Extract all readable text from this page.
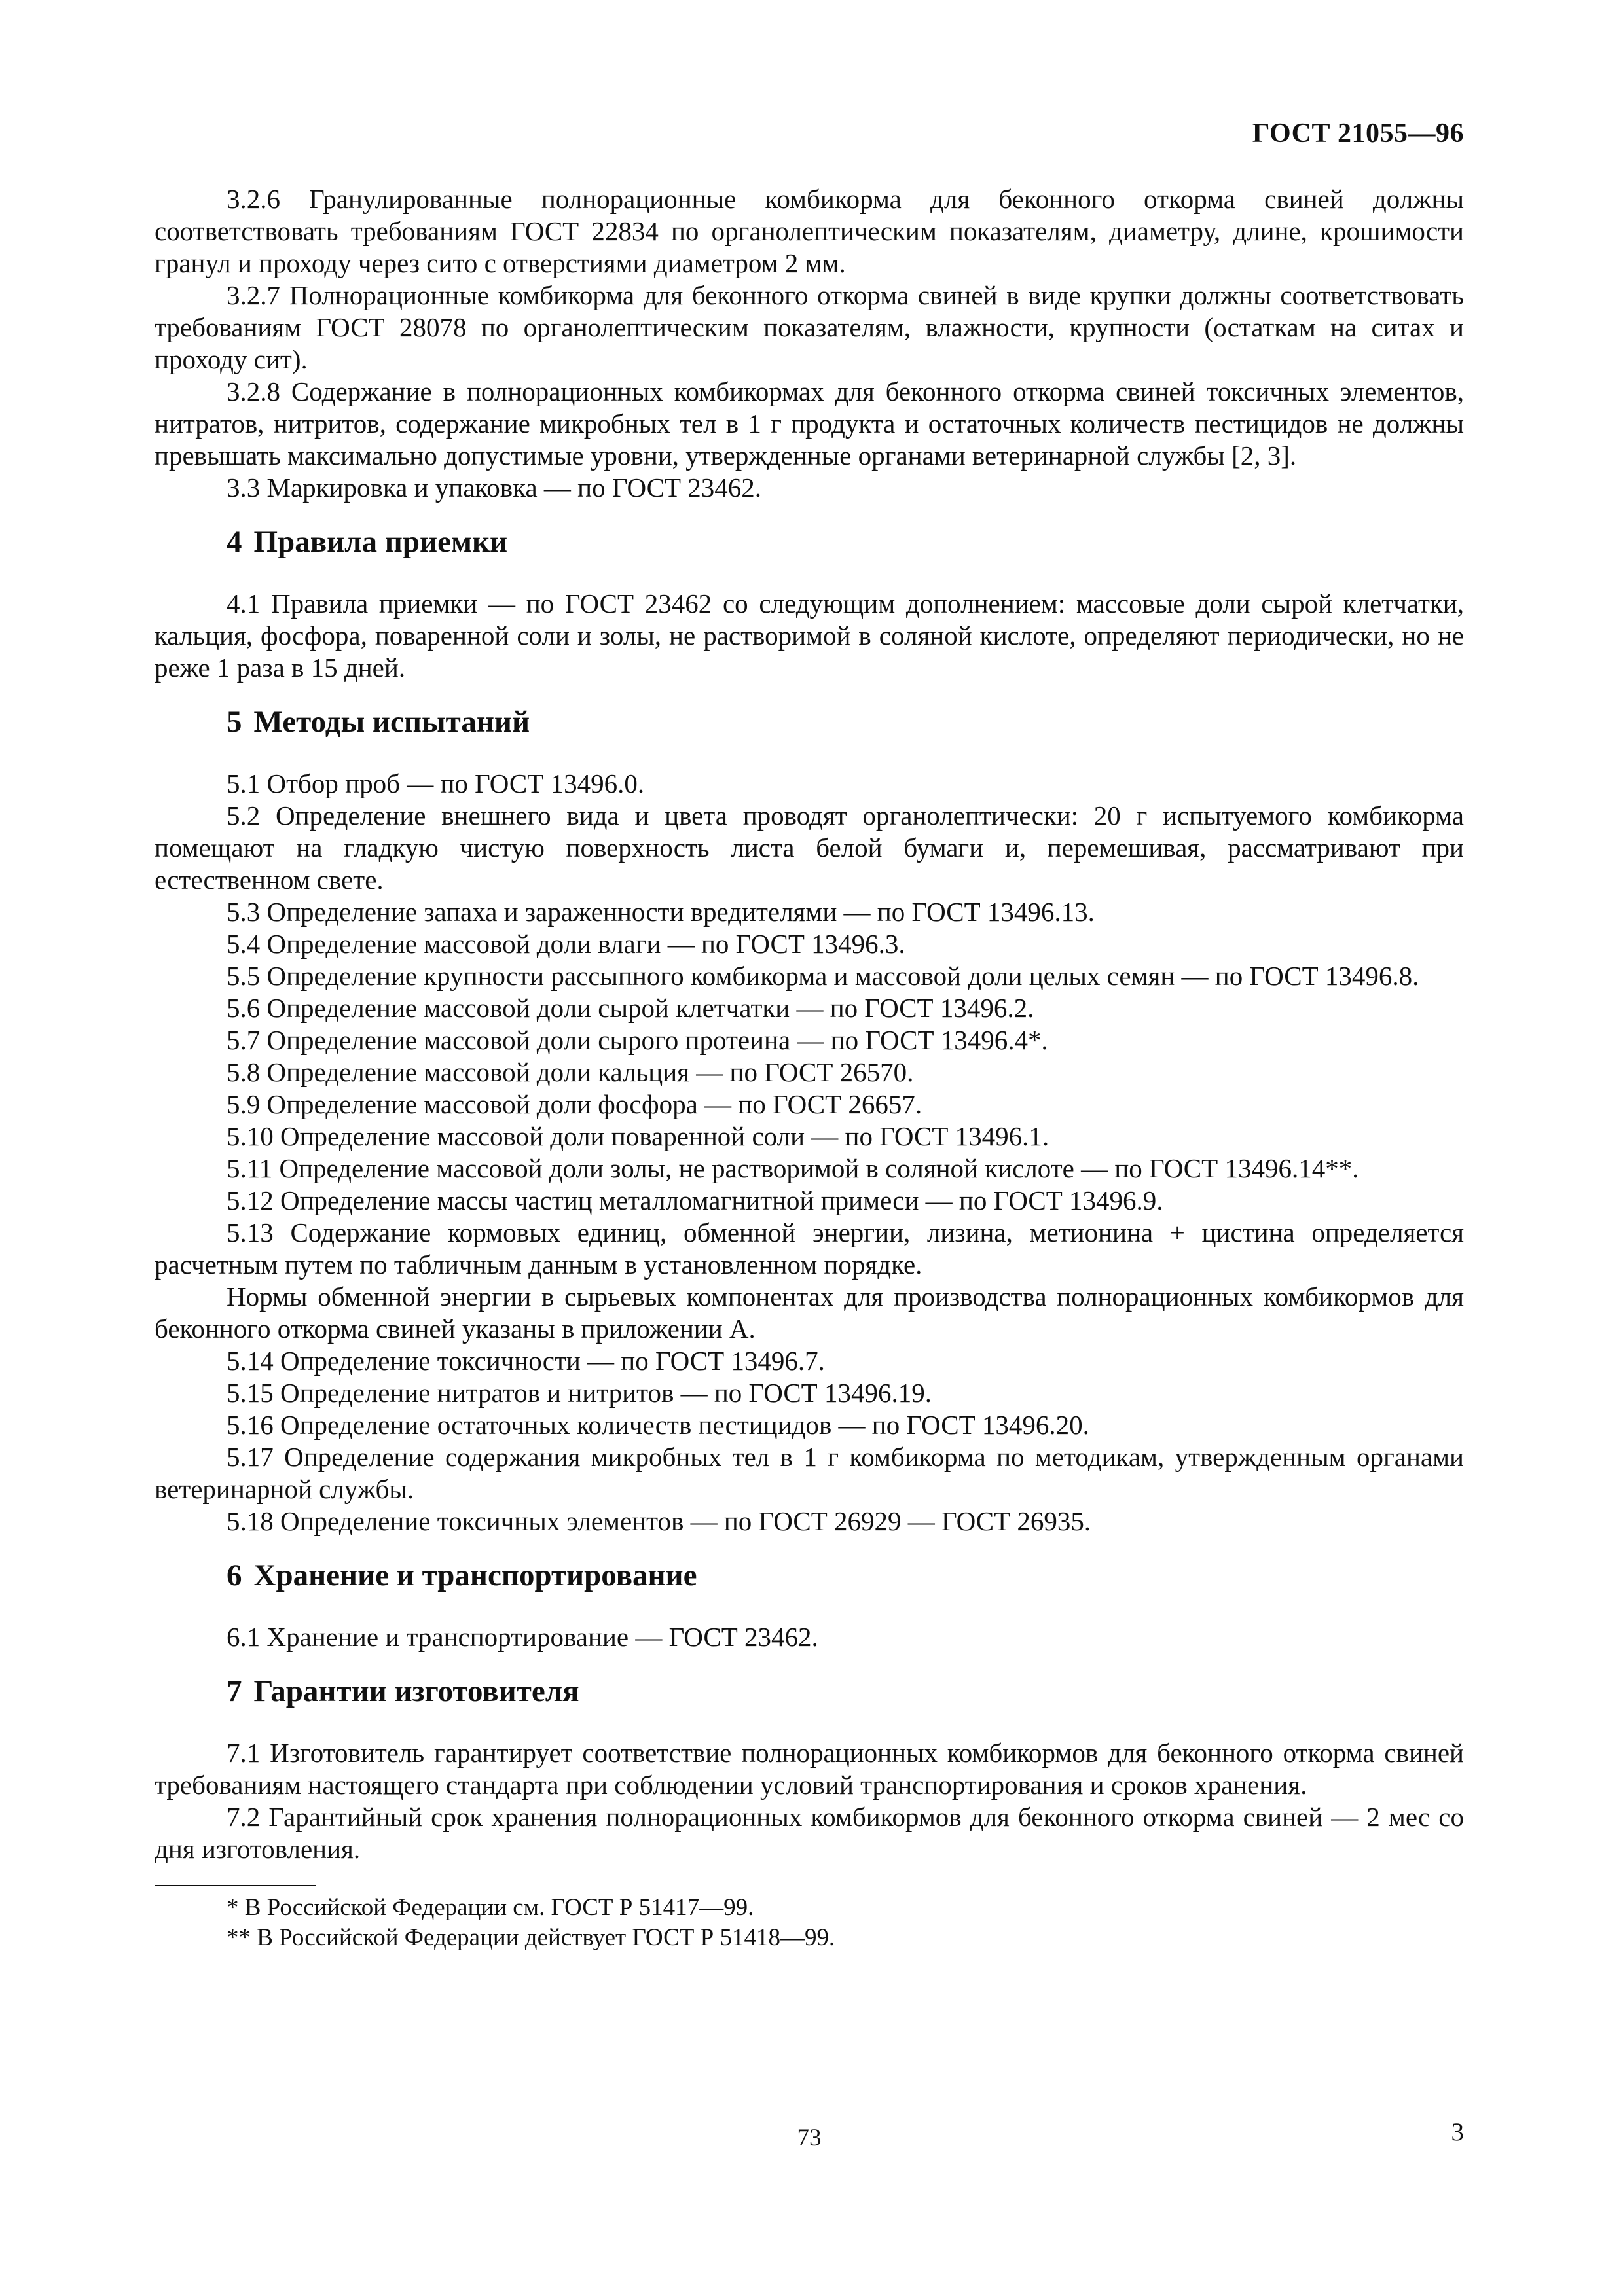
ГОСТ 21055—96

3.2.6 Гранулированные полнорационные комбикорма для беконного откорма свиней должны соответствовать требованиям ГОСТ 22834 по органолептическим показателям, диаметру, длине, крошимости гранул и проходу через сито с отверстиями диаметром 2 мм.

3.2.7 Полнорационные комбикорма для беконного откорма свиней в виде крупки должны соответствовать требованиям ГОСТ 28078 по органолептическим показателям, влажности, крупности (остаткам на ситах и проходу сит).

3.2.8 Содержание в полнорационных комбикормах для беконного откорма свиней токсичных элементов, нитратов, нитритов, содержание микробных тел в 1 г продукта и остаточных количеств пестицидов не должны превышать максимально допустимые уровни, утвержденные органами ветеринарной службы [2, 3].

3.3 Маркировка и упаковка — по ГОСТ 23462.

4 Правила приемки

4.1 Правила приемки — по ГОСТ 23462 со следующим дополнением: массовые доли сырой клетчатки, кальция, фосфора, поваренной соли и золы, не растворимой в соляной кислоте, определяют периодически, но не реже 1 раза в 15 дней.

5 Методы испытаний

5.1 Отбор проб — по ГОСТ 13496.0.

5.2 Определение внешнего вида и цвета проводят органолептически: 20 г испытуемого комбикорма помещают на гладкую чистую поверхность листа белой бумаги и, перемешивая, рассматривают при естественном свете.

5.3 Определение запаха и зараженности вредителями — по ГОСТ 13496.13.

5.4 Определение массовой доли влаги — по ГОСТ 13496.3.

5.5 Определение крупности рассыпного комбикорма и массовой доли целых семян — по ГОСТ 13496.8.

5.6 Определение массовой доли сырой клетчатки — по ГОСТ 13496.2.

5.7 Определение массовой доли сырого протеина — по ГОСТ 13496.4*.

5.8 Определение массовой доли кальция — по ГОСТ 26570.

5.9 Определение массовой доли фосфора — по ГОСТ 26657.

5.10 Определение массовой доли поваренной соли — по ГОСТ 13496.1.

5.11 Определение массовой доли золы, не растворимой в соляной кислоте — по ГОСТ 13496.14**.

5.12 Определение массы частиц металломагнитной примеси — по ГОСТ 13496.9.

5.13 Содержание кормовых единиц, обменной энергии, лизина, метионина + цистина определяется расчетным путем по табличным данным в установленном порядке.

Нормы обменной энергии в сырьевых компонентах для производства полнорационных комбикормов для беконного откорма свиней указаны в приложении А.

5.14 Определение токсичности — по ГОСТ 13496.7.

5.15 Определение нитратов и нитритов — по ГОСТ 13496.19.

5.16 Определение остаточных количеств пестицидов — по ГОСТ 13496.20.

5.17 Определение содержания микробных тел в 1 г комбикорма по методикам, утвержденным органами ветеринарной службы.

5.18 Определение токсичных элементов — по ГОСТ 26929 — ГОСТ 26935.

6 Хранение и транспортирование

6.1 Хранение и транспортирование — ГОСТ 23462.

7 Гарантии изготовителя

7.1 Изготовитель гарантирует соответствие полнорационных комбикормов для беконного откорма свиней требованиям настоящего стандарта при соблюдении условий транспортирования и сроков хранения.

7.2 Гарантийный срок хранения полнорационных комбикормов для беконного откорма свиней — 2 мес со дня изготовления.

* В Российской Федерации см. ГОСТ Р 51417—99.

** В Российской Федерации действует ГОСТ Р 51418—99.

73	3
